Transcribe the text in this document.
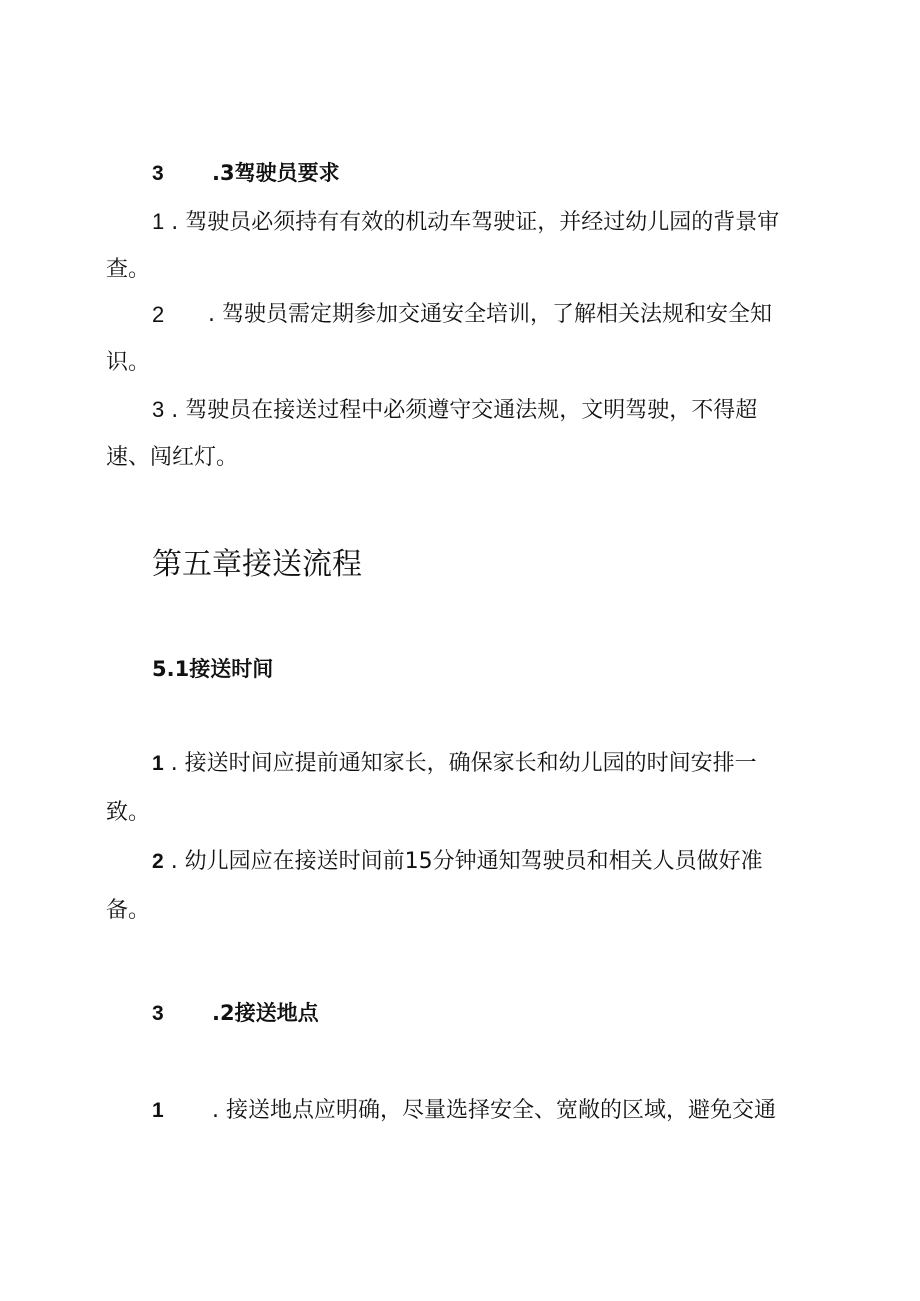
3 .3驾驶员要求
1 . 驾驶员必须持有有效的机动车驾驶证，并经过幼儿园的背景审
查。
2 . 驾驶员需定期参加交通安全培训，了解相关法规和安全知
识。
3 . 驾驶员在接送过程中必须遵守交通法规，文明驾驶，不得超
速、闯红灯。
第五章接送流程
5.1接送时间
1 . 接送时间应提前通知家长，确保家长和幼儿园的时间安排一
致。
2 . 幼儿园应在接送时间前15分钟通知驾驶员和相关人员做好准
备。
3 .2接送地点
1 . 接送地点应明确，尽量选择安全、宽敞的区域，避免交通
